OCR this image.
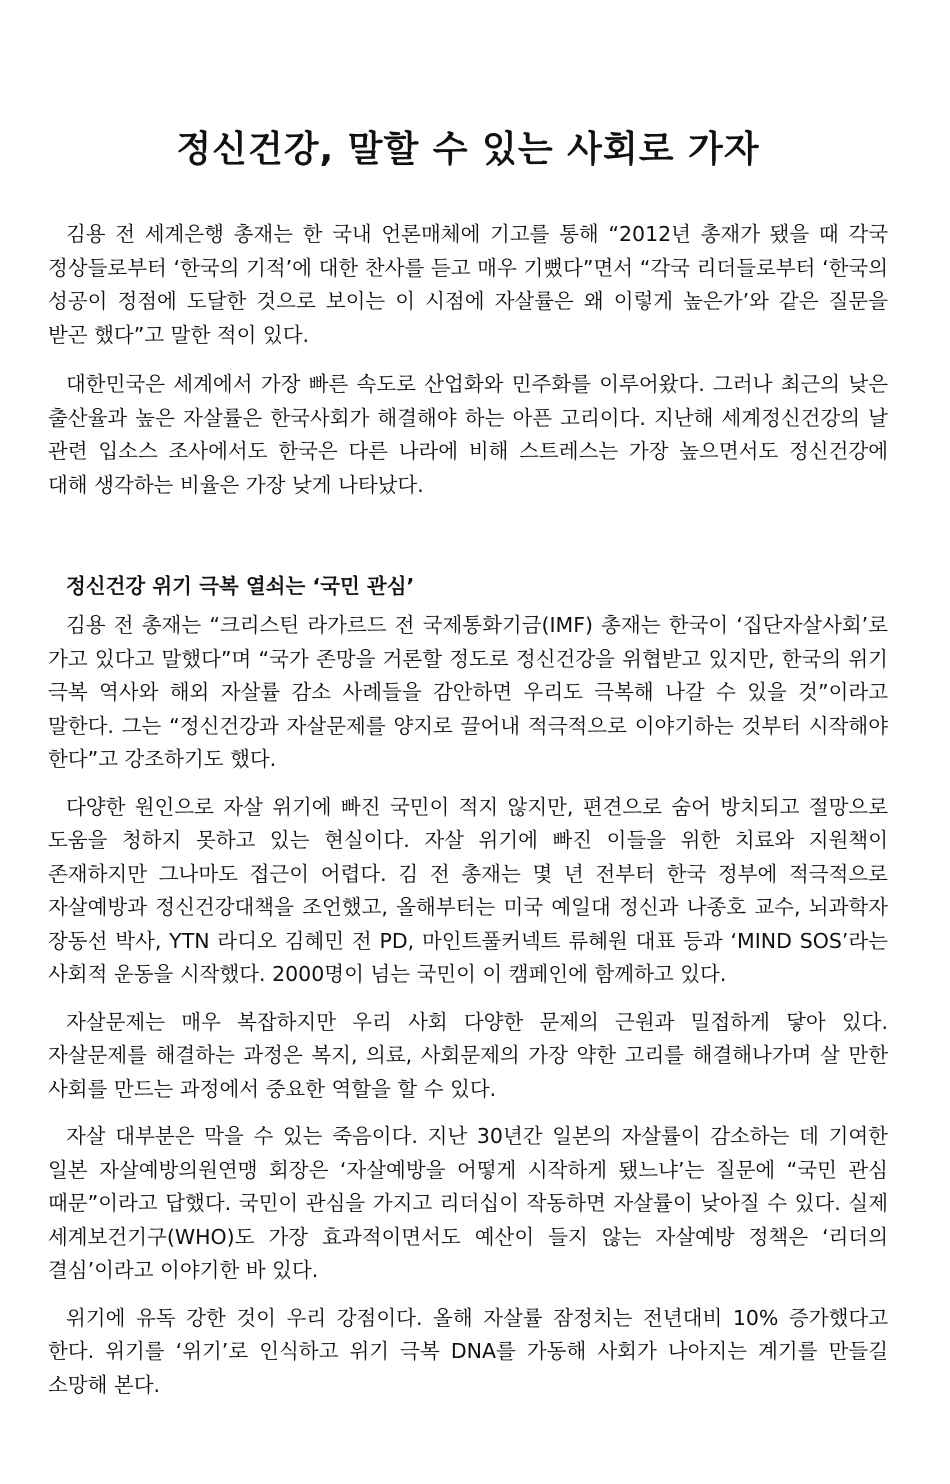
정신건강, 말할 수 있는 사회로 가자

김용 전 세계은행 총재는 한 국내 언론매체에 기고를 통해 “2012년 총재가 됐을 때 각국 정상들로부터 ‘한국의 기적’에 대한 찬사를 듣고 매우 기뻤다”면서 “각국 리더들로부터 ‘한국의 성공이 정점에 도달한 것으로 보이는 이 시점에 자살률은 왜 이렇게 높은가’와 같은 질문을 받곤 했다”고 말한 적이 있다.

대한민국은 세계에서 가장 빠른 속도로 산업화와 민주화를 이루어왔다. 그러나 최근의 낮은 출산율과 높은 자살률은 한국사회가 해결해야 하는 아픈 고리이다. 지난해 세계정신건강의 날 관련 입소스 조사에서도 한국은 다른 나라에 비해 스트레스는 가장 높으면서도 정신건강에 대해 생각하는 비율은 가장 낮게 나타났다.

정신건강 위기 극복 열쇠는 ‘국민 관심’

김용 전 총재는 “크리스틴 라가르드 전 국제통화기금(IMF) 총재는 한국이 ‘집단자살사회’로 가고 있다고 말했다”며 “국가 존망을 거론할 정도로 정신건강을 위협받고 있지만, 한국의 위기 극복 역사와 해외 자살률 감소 사례들을 감안하면 우리도 극복해 나갈 수 있을 것”이라고 말한다. 그는 “정신건강과 자살문제를 양지로 끌어내 적극적으로 이야기하는 것부터 시작해야 한다”고 강조하기도 했다.

다양한 원인으로 자살 위기에 빠진 국민이 적지 않지만, 편견으로 숨어 방치되고 절망으로 도움을 청하지 못하고 있는 현실이다. 자살 위기에 빠진 이들을 위한 치료와 지원책이 존재하지만 그나마도 접근이 어렵다. 김 전 총재는 몇 년 전부터 한국 정부에 적극적으로 자살예방과 정신건강대책을 조언했고, 올해부터는 미국 예일대 정신과 나종호 교수, 뇌과학자 장동선 박사, YTN 라디오 김혜민 전 PD, 마인트풀커넥트 류혜원 대표 등과 ‘MIND SOS’라는 사회적 운동을 시작했다. 2000명이 넘는 국민이 이 캠페인에 함께하고 있다.

자살문제는 매우 복잡하지만 우리 사회 다양한 문제의 근원과 밀접하게 닿아 있다. 자살문제를 해결하는 과정은 복지, 의료, 사회문제의 가장 약한 고리를 해결해나가며 살 만한 사회를 만드는 과정에서 중요한 역할을 할 수 있다.

자살 대부분은 막을 수 있는 죽음이다. 지난 30년간 일본의 자살률이 감소하는 데 기여한 일본 자살예방의원연맹 회장은 ‘자살예방을 어떻게 시작하게 됐느냐’는 질문에 “국민 관심 때문”이라고 답했다. 국민이 관심을 가지고 리더십이 작동하면 자살률이 낮아질 수 있다. 실제 세계보건기구(WHO)도 가장 효과적이면서도 예산이 들지 않는 자살예방 정책은 ‘리더의 결심’이라고 이야기한 바 있다.

위기에 유독 강한 것이 우리 강점이다. 올해 자살률 잠정치는 전년대비 10% 증가했다고 한다. 위기를 ‘위기’로 인식하고 위기 극복 DNA를 가동해 사회가 나아지는 계기를 만들길 소망해 본다.
